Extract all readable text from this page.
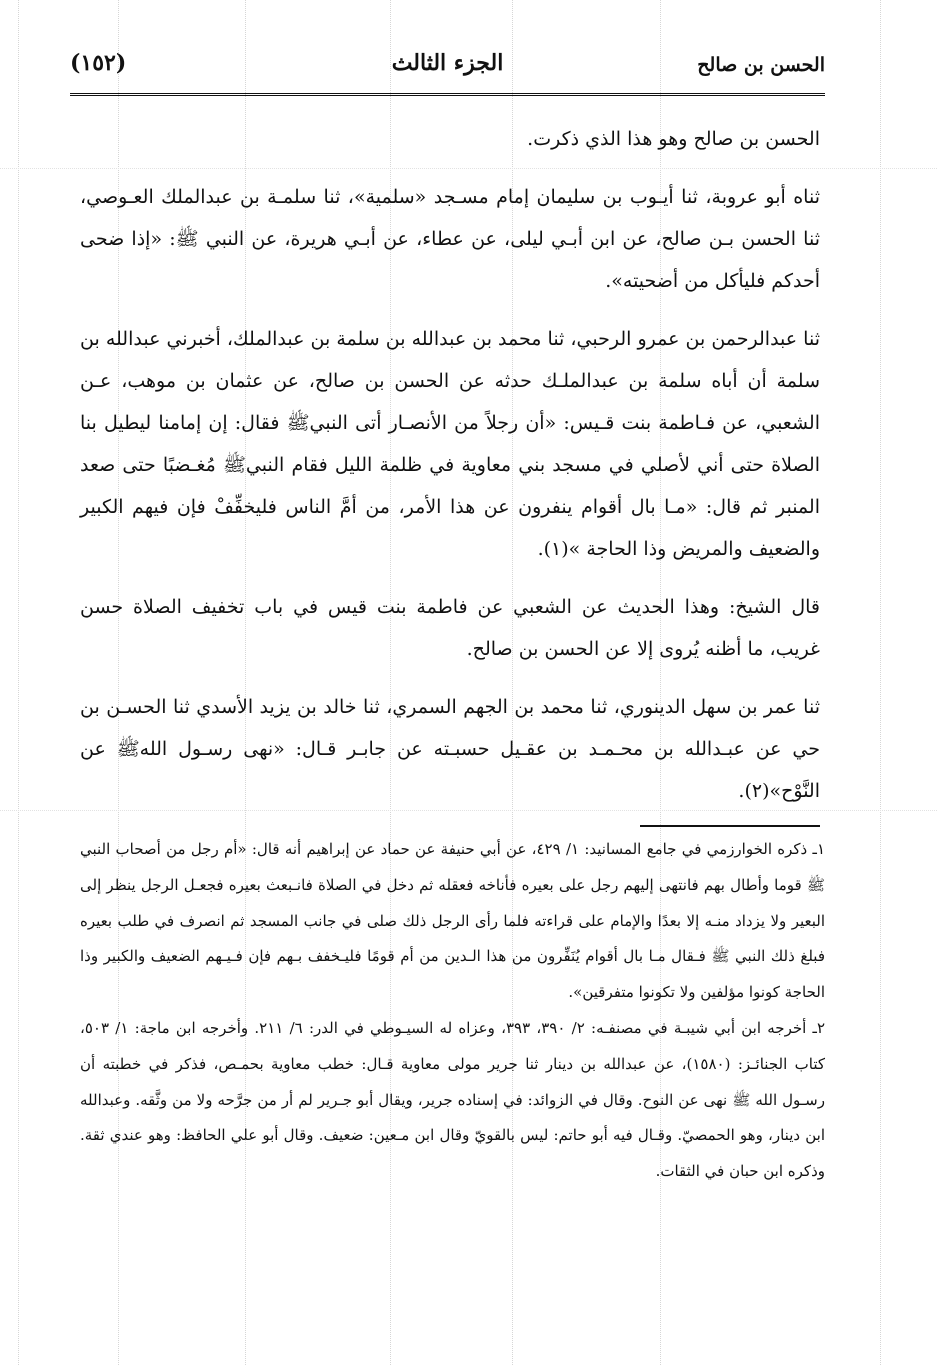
الحسن بن صالح
الجزء الثالث
(١٥٢)

الحسن بن صالح وهو هذا الذي ذكرت.

ثناه أبو عروبة، ثنا أيـوب بن سليمان إمام مسـجد «سلمية»، ثنا سلمـة بن عبدالملك العـوصي، ثنا الحسن بـن صالح، عن ابن أبـي ليلى، عن عطاء، عن أبـي هريرة، عن النبي ﷺ: «إذا ضحى أحدكم فليأكل من أضحيته».

ثنا عبدالرحمن بن عمرو الرحبي، ثنا محمد بن عبدالله بن سلمة بن عبدالملك، أخبرني عبدالله بن سلمة أن أباه سلمة بن عبدالملـك حدثه عن الحسن بن صالح، عن عثمان بن موهب، عـن الشعبي، عن فـاطمة بنت قـيس: «أن رجلاً من الأنصـار أتى النبيﷺ فقال: إن إمامنا ليطيل بنا الصلاة حتى أني لأصلي في مسجد بني معاوية في ظلمة الليل فقام النبيﷺ مُغـضبًا حتى صعد المنبر ثم قال: «مـا بال أقوام ينفرون عن هذا الأمر، من أمَّ الناس فليخفِّفْ فإن فيهم الكبير والضعيف والمريض وذا الحاجة »(١).

قال الشيخ: وهذا الحديث عن الشعبي عن فاطمة بنت قيس في باب تخفيف الصلاة حسن غريب، ما أظنه يُروى إلا عن الحسن بن صالح.

ثنا عمر بن سهل الدينوري، ثنا محمد بن الجهم السمري، ثنا خالد بن يزيد الأسدي ثنا الحسـن بن حي عن عبـدالله بن محـمـد بن عقـيل حسبـته عن جابـر قـال: «نهى رسـول اللهﷺ عن النَّوْح»(٢).

١ـ ذكره الخوارزمي في جامع المسانيد: ١/ ٤٢٩، عن أبي حنيفة عن حماد عن إبراهيم أنه قال: «أم رجل من أصحاب النبي ﷺ قوما وأطال بهم فانتهى إليهم رجل على بعيره فأناخه فعقله ثم دخل في الصلاة فانـبعث بعيره فجعـل الرجل ينظر إلى البعير ولا يزداد منـه إلا بعدًا والإمام على قراءته فلما رأى الرجل ذلك صلى في جانب المسجد ثم انصرف في طلب بعيره فبلغ ذلك النبي ﷺ فـقال مـا بال أقوام يُنَفِّرون من هذا الـدين من أم قومًا فليـخفف بـهم فإن فـيـهم الضعيف والكبير وذا الحاجة كونوا مؤلفين ولا تكونوا متفرقين».

٢ـ أخرجه ابن أبي شيبـة في مصنفـه: ٢/ ٣٩٠، ٣٩٣، وعزاه له السيـوطي في الدر: ٦/ ٢١١. وأخرجه ابن ماجة: ١/ ٥٠٣، كتاب الجنائـز: (١٥٨٠)، عن عبدالله بن دينار ثنا جرير مولى معاوية قـال: خطب معاوية بحمـص، فذكر في خطبته أن رسـول الله ﷺ نهى عن النوح. وقال في الزوائد: في إسناده جرير، ويقال أبو جـرير لم أر من جرَّحه ولا من وثَّقه. وعبدالله ابن دينار، وهو الحمصيّ. وقـال فيه أبو حاتم: ليس بالقويّ وقال ابن مـعين: ضعيف. وقال أبو علي الحافظ: وهو عندي ثقة. وذكره ابن حبان في الثقات.
